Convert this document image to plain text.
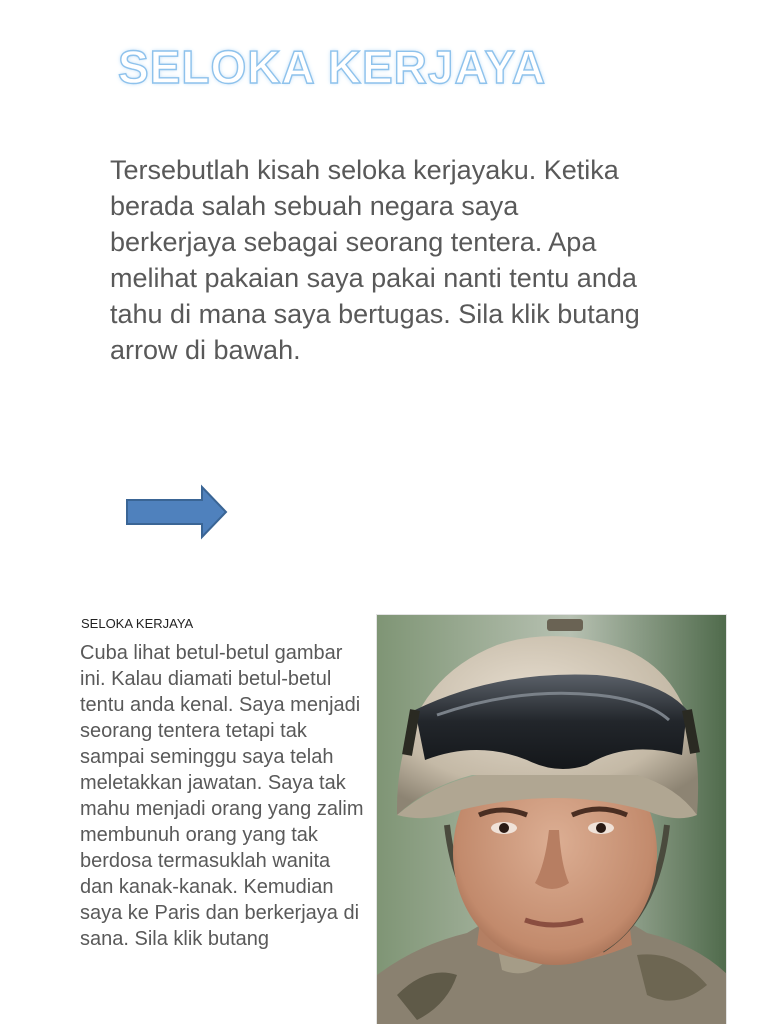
SELOKA KERJAYA

Tersebutlah kisah seloka kerjayaku. Ketika berada salah sebuah negara saya berkerjaya sebagai seorang tentera. Apa melihat pakaian saya pakai nanti tentu anda tahu di mana saya bertugas. Sila klik butang arrow di bawah.

SELOKA KERJAYA

Cuba lihat betul-betul gambar ini. Kalau diamati betul-betul tentu anda kenal. Saya menjadi seorang tentera tetapi tak sampai seminggu saya telah meletakkan jawatan. Saya tak mahu menjadi orang yang zalim membunuh orang yang tak berdosa termasuklah wanita dan kanak-kanak. Kemudian saya ke Paris dan berkerjaya di sana. Sila klik butang
